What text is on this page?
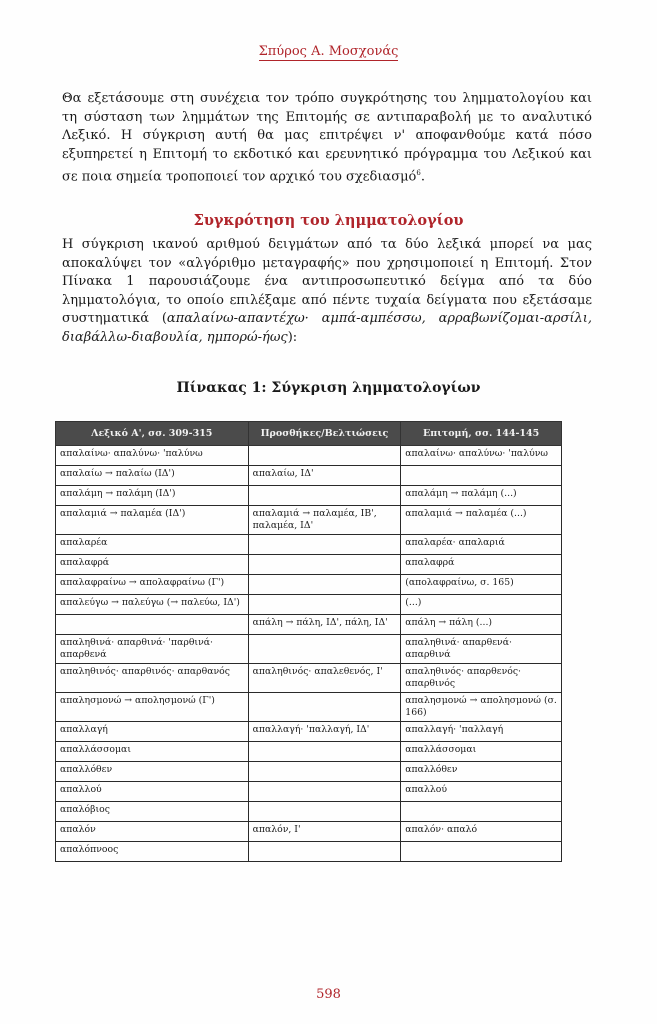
Σπύρος Α. Μοσχονάς
Θα εξετάσουμε στη συνέχεια τον τρόπο συγκρότησης του λημματολογίου και τη σύσταση των λημμάτων της Επιτομής σε αντιπαραβολή με το αναλυτικό Λεξικό. Η σύγκριση αυτή θα μας επιτρέψει ν' αποφανθούμε κατά πόσο εξυπηρετεί η Επιτομή το εκδοτικό και ερευνητικό πρόγραμμα του Λεξικού και σε ποια σημεία τροποποιεί τον αρχικό του σχεδιασμό$^6$.
Συγκρότηση του λημματολογίου
Η σύγκριση ικανού αριθμού δειγμάτων από τα δύο λεξικά μπορεί να μας αποκαλύψει τον «αλγόριθμο μεταγραφής» που χρησιμοποιεί η Επιτομή. Στον Πίνακα 1 παρουσιάζουμε ένα αντιπροσωπευτικό δείγμα από τα δύο λημματολόγια, το οποίο επιλέξαμε από πέντε τυχαία δείγματα που εξετάσαμε συστηματικά (απαλαίνω-απαντέχω· αμπά-αμπέσσω, αρραβωνίζομαι-αρσίλι, διαβάλλω-διαβουλία, ημπορώ-ήως):
Πίνακας 1: Σύγκριση λημματολογίων
Λεξικό Α', σσ. 309-315	Προσθήκες/Βελτιώσεις	Επιτομή, σσ. 144-145
απαλαίνω· απαλύνω· 'παλύνω		απαλαίνω· απαλύνω· 'παλύνω
απαλαίω → παλαίω (ΙΔ')	απαλαίω, ΙΔ'	
απαλάμη → παλάμη (ΙΔ')		απαλάμη → παλάμη (...)
απαλαμιά → παλαμέα (ΙΔ')	απαλαμιά → παλαμέα, ΙΒ', παλαμέα, ΙΔ'	απαλαμιά → παλαμέα (...)
απαλαρέα		απαλαρέα· απαλαριά
απαλαφρά		απαλαφρά
απαλαφραίνω → απολαφραίνω (Γ')		(απολαφραίνω, σ. 165)
απαλεύγω → παλεύγω (→ παλεύω, ΙΔ')		(...)
	απάλη → πάλη, ΙΔ', πάλη, ΙΔ'	απάλη → πάλη (...)
απαληθινά· απαρθινά· 'παρθινά· απαρθενά		απαληθινά· απαρθενά· απαρθινά
απαληθινός· απαρθινός· απαρθανός	απαληθινός· απαλεθενός, Ι'	απαληθινός· απαρθενός· απαρθινός
απαλησμονώ → απολησμονώ (Γ')		απαλησμονώ → απολησμονώ (σ. 166)
απαλλαγή	απαλλαγή· 'παλλαγή, ΙΔ'	απαλλαγή· 'παλλαγή
απαλλάσσομαι		απαλλάσσομαι
απαλλόθεν		απαλλόθεν
απαλλού		απαλλού
απαλόβιος		
απαλόν	απαλόν, Ι'	απαλόν· απαλό
απαλόπνοος		
598
